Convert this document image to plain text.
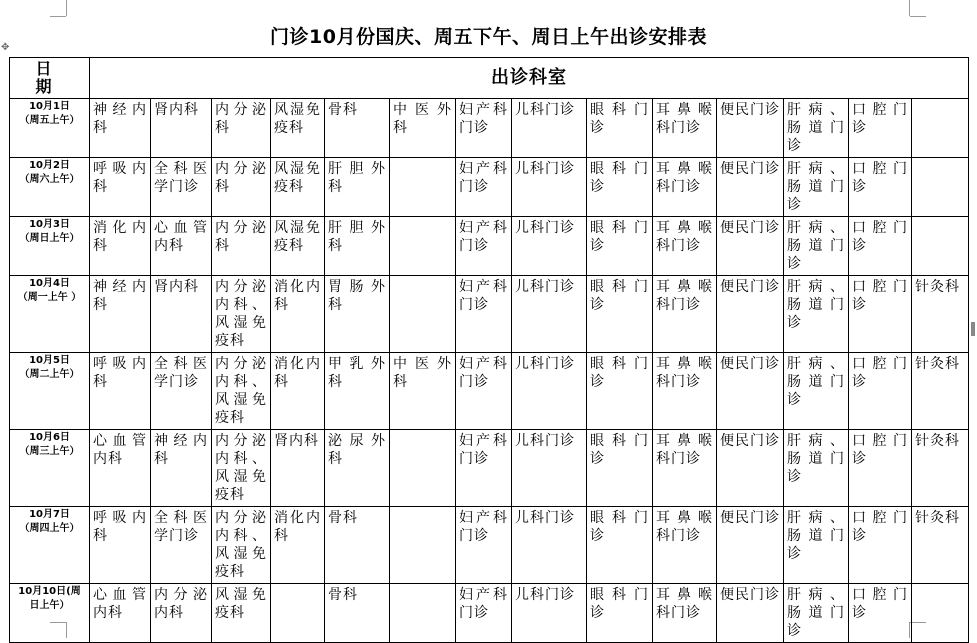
✥	门诊10月份国庆、周五下午、周日上午出诊安排表
日 期	出诊科室													

10月1日
（周五上午）	神经内科	肾内科	内分泌科	风湿免疫科	骨科	中医外科	妇产科门诊	儿科门诊	眼科门诊	耳鼻喉科门诊	便民门诊	肝病、肠道门诊	口腔门诊	

10月2日
（周六上午）	呼吸内科	全科医学门诊	内分泌科	风湿免疫科	肝胆外科		妇产科门诊	儿科门诊	眼科门诊	耳鼻喉科门诊	便民门诊	肝病、肠道门诊	口腔门诊	

10月3日
（周日上午）	消化内科	心血管内科	内分泌科	风湿免疫科	肝胆外科		妇产科门诊	儿科门诊	眼科门诊	耳鼻喉科门诊	便民门诊	肝病、肠道门诊	口腔门诊	

10月4日
（周一上午 ）	神经内科	肾内科	内分泌内科、风湿免疫科	消化内科	胃肠外科		妇产科门诊	儿科门诊	眼科门诊	耳鼻喉科门诊	便民门诊	肝病、肠道门诊	口腔门诊	针灸科

10月5日
（周二上午）	呼吸内科	全科医学门诊	内分泌内科、风湿免疫科	消化内科	甲乳外科	中医外科	妇产科门诊	儿科门诊	眼科门诊	耳鼻喉科门诊	便民门诊	肝病、肠道门诊	口腔门诊	针灸科

10月6日
（周三上午）	心血管内科	神经内科	内分泌内科、风湿免疫科	肾内科	泌尿外科		妇产科门诊	儿科门诊	眼科门诊	耳鼻喉科门诊	便民门诊	肝病、肠道门诊	口腔门诊	针灸科

10月7日
（周四上午）	呼吸内科	全科医学门诊	内分泌内科、风湿免疫科	消化内科	骨科		妇产科门诊	儿科门诊	眼科门诊	耳鼻喉科门诊	便民门诊	肝病、肠道门诊	口腔门诊	针灸科

10月10日(周
日上午）	心血管内科	内分泌内科	风湿免疫科		骨科		妇产科门诊	儿科门诊	眼科门诊	耳鼻喉科门诊	便民门诊	肝病、肠道门诊	口腔门诊	
